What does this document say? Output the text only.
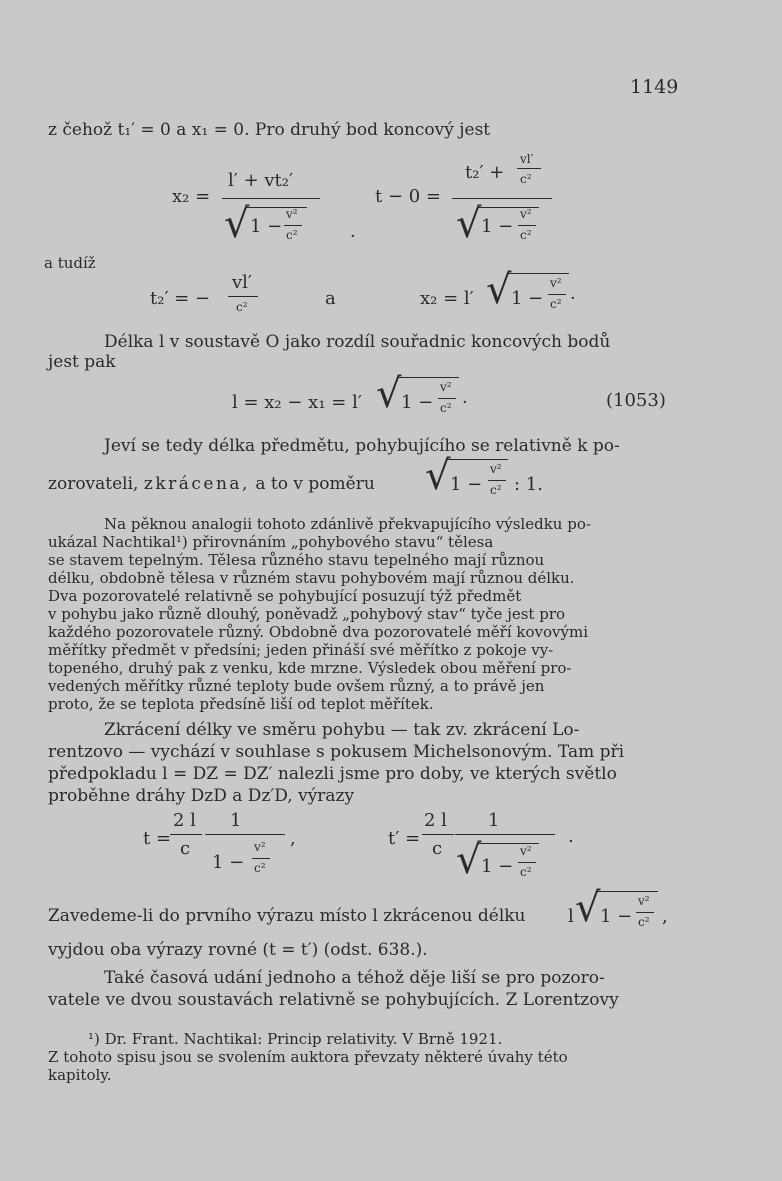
1149
z čehož t₁′ = 0 a x₁ = 0. Pro druhý bod koncový jest
x₂ =
l′ + vt₂′
√ 1 −
v²
c²
t − 0 =
t₂′ +
vl′
c²
√ 1 −
v²
c²
·
a tudíž
t₂′ = −
vl′
c²	a	x₂ = l′ √ 1 −
v²
c² ·
Délka l v soustavě O jako rozdíl souřadnic koncových bodů
jest pak
l = x₂ − x₁ = l′ √ 1 −
v²
c² ·	(1053)
Jeví se tedy délka předmětu, pohybujícího se relativně k po-
zorovateli, zkrácena, a to v poměru √ 1 −
v²
c² : 1.
Na pěknou analogii tohoto zdánlivě překvapujícího výsledku po-
ukázal Nachtikal¹) přirovnáním „pohybového stavu“ tělesa
se stavem tepelným. Tělesa různého stavu tepelného mají různou
délku, obdobně tělesa v různém stavu pohybovém mají různou délku.
Dva pozorovatelé relativně se pohybující posuzují týž předmět
v pohybu jako různě dlouhý, poněvadž „pohybový stav“ tyče jest pro
každého pozorovatele různý. Obdobně dva pozorovatelé měří kovovými
měřítky předmět v předsíni; jeden přináší své měřítko z pokoje vy-
topeného, druhý pak z venku, kde mrzne. Výsledek obou měření pro-
vedených měřítky různé teploty bude ovšem různý, a to právě jen
proto, že se teplota předsíně liší od teplot měřítek.
Zkrácení délky ve směru pohybu — tak zv. zkrácení Lo-
rentzovo — vychází v souhlase s pokusem Michelsonovým. Tam při
předpokladu l = DZ = DZ′ nalezli jsme pro doby, ve kterých světlo
proběhne dráhy DzD a Dz′D, výrazy
t =
2 l
c
1
1 −
v²
c²
,	t′ =
2 l
c
1
√ 1 −
v²
c²
.
Zavedeme-li do prvního výrazu místo l zkrácenou délku l √ 1 −
v²
c² ,
vyjdou oba výrazy rovné (t = t′) (odst. 638.).
Také časová udání jednoho a téhož děje liší se pro pozoro-
vatele ve dvou soustavách relativně se pohybujících. Z Lorentzovy
¹) Dr. Frant. Nachtikal: Princip relativity. V Brně 1921.
Z tohoto spisu jsou se svolením auktora převzaty některé úvahy této
kapitoly.
